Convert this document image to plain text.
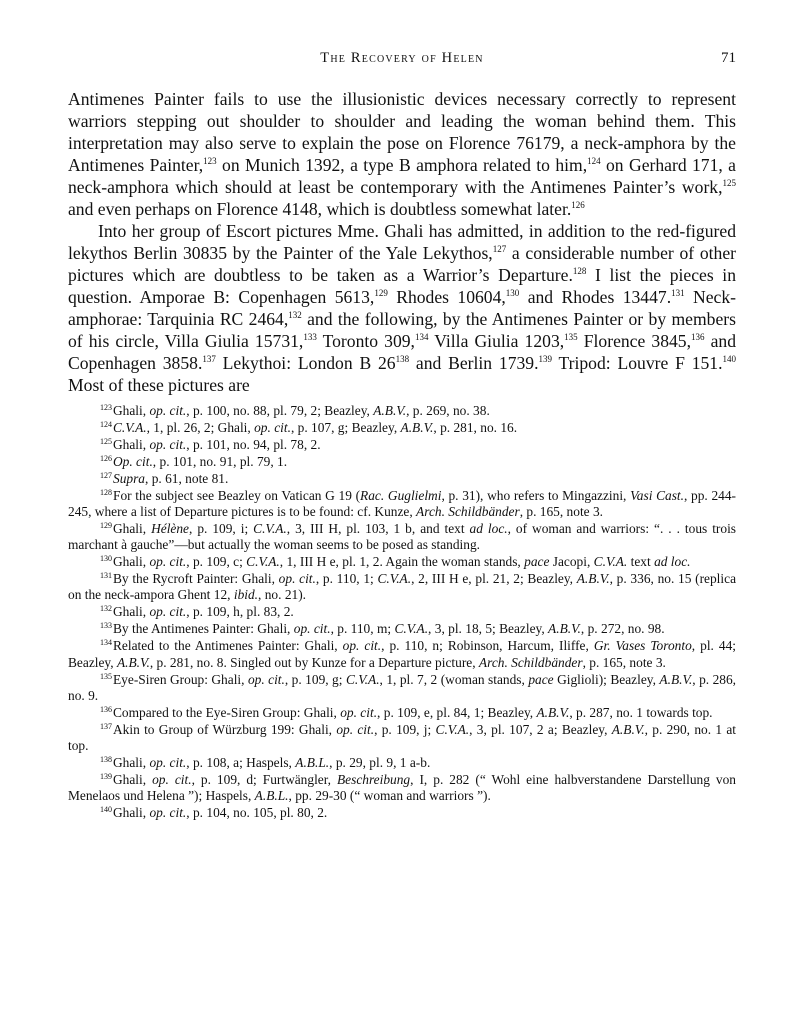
The Recovery of Helen	71

Antimenes Painter fails to use the illusionistic devices necessary correctly to represent warriors stepping out shoulder to shoulder and leading the woman behind them. This interpretation may also serve to explain the pose on Florence 76179, a neck-amphora by the Antimenes Painter,$^{123}$ on Munich 1392, a type B amphora related to him,$^{124}$ on Gerhard 171, a neck-amphora which should at least be contemporary with the Antimenes Painter’s work,$^{125}$ and even perhaps on Florence 4148, which is doubtless somewhat later.$^{126}$

Into her group of Escort pictures Mme. Ghali has admitted, in addition to the red-figured lekythos Berlin 30835 by the Painter of the Yale Lekythos,$^{127}$ a considerable number of other pictures which are doubtless to be taken as a Warrior’s Departure.$^{128}$ I list the pieces in question. Amporae B: Copenhagen 5613,$^{129}$ Rhodes 10604,$^{130}$ and Rhodes 13447.$^{131}$ Neck-amphorae: Tarquinia RC 2464,$^{132}$ and the following, by the Antimenes Painter or by members of his circle, Villa Giulia 15731,$^{133}$ Toronto 309,$^{134}$ Villa Giulia 1203,$^{135}$ Florence 3845,$^{136}$ and Copenhagen 3858.$^{137}$ Lekythoi: London B $26^{138}$ and Berlin 1739.$^{139}$ Tripod: Louvre F 151.$^{140}$ Most of these pictures are

$^{123}$Ghali, op. cit., p. 100, no. 88, pl. 79, 2; Beazley, A.B.V., p. 269, no. 38.
$^{124}$C.V.A., 1, pl. 26, 2; Ghali, op. cit., p. 107, g; Beazley, A.B.V., p. 281, no. 16.
$^{125}$Ghali, op. cit., p. 101, no. 94, pl. 78, 2.
$^{126}$Op. cit., p. 101, no. 91, pl. 79, 1.
$^{127}$Supra, p. 61, note 81.
$^{128}$For the subject see Beazley on Vatican G 19 (Rac. Guglielmi, p. 31), who refers to Mingazzini, Vasi Cast., pp. 244-245, where a list of Departure pictures is to be found: cf. Kunze, Arch. Schildbänder, p. 165, note 3.
$^{129}$Ghali, Hélène, p. 109, i; C.V.A., 3, III H, pl. 103, 1 b, and text ad loc., of woman and warriors: “. . . tous trois marchant à gauche”—but actually the woman seems to be posed as standing.
$^{130}$Ghali, op. cit., p. 109, c; C.V.A., 1, III H e, pl. 1, 2. Again the woman stands, pace Jacopi, C.V.A. text ad loc.
$^{131}$By the Rycroft Painter: Ghali, op. cit., p. 110, 1; C.V.A., 2, III H e, pl. 21, 2; Beazley, A.B.V., p. 336, no. 15 (replica on the neck-ampora Ghent 12, ibid., no. 21).
$^{132}$Ghali, op. cit., p. 109, h, pl. 83, 2.
$^{133}$By the Antimenes Painter: Ghali, op. cit., p. 110, m; C.V.A., 3, pl. 18, 5; Beazley, A.B.V., p. 272, no. 98.
$^{134}$Related to the Antimenes Painter: Ghali, op. cit., p. 110, n; Robinson, Harcum, Iliffe, Gr. Vases Toronto, pl. 44; Beazley, A.B.V., p. 281, no. 8. Singled out by Kunze for a Departure picture, Arch. Schildbänder, p. 165, note 3.
$^{135}$Eye-Siren Group: Ghali, op. cit., p. 109, g; C.V.A., 1, pl. 7, 2 (woman stands, pace Giglioli); Beazley, A.B.V., p. 286, no. 9.
$^{136}$Compared to the Eye-Siren Group: Ghali, op. cit., p. 109, e, pl. 84, 1; Beazley, A.B.V., p. 287, no. 1 towards top.
$^{137}$Akin to Group of Würzburg 199: Ghali, op. cit., p. 109, j; C.V.A., 3, pl. 107, 2 a; Beazley, A.B.V., p. 290, no. 1 at top.
$^{138}$Ghali, op. cit., p. 108, a; Haspels, A.B.L., p. 29, pl. 9, 1 a-b.
$^{139}$Ghali, op. cit., p. 109, d; Furtwängler, Beschreibung, I, p. 282 (“ Wohl eine halbverstandene Darstellung von Menelaos und Helena ”); Haspels, A.B.L., pp. 29-30 (“ woman and warriors ”).
$^{140}$Ghali, op. cit., p. 104, no. 105, pl. 80, 2.
